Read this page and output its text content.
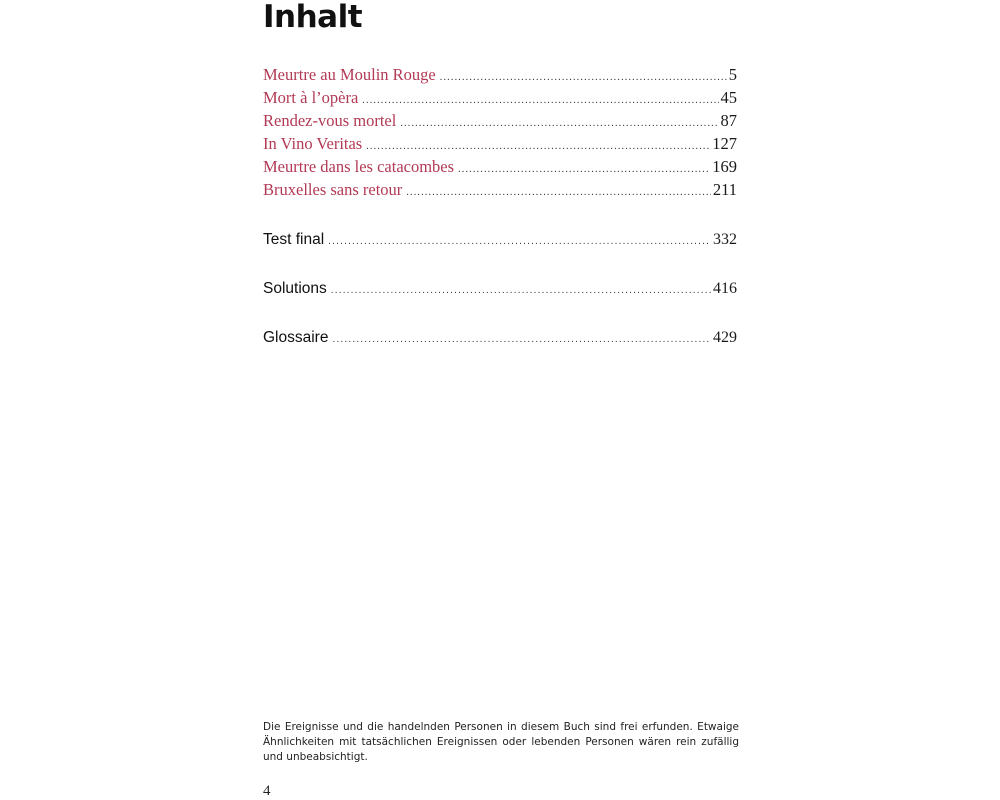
Inhalt
Meurtre au Moulin Rouge .....	5
Mort à l’opèra .....	45
Rendez-vous mortel .....	87
In Vino Veritas .....	127
Meurtre dans les catacombes .....	169
Bruxelles sans retour .....	211
Test final .....	332
Solutions .....	416
Glossaire .....	429
Die Ereignisse und die handelnden Personen in diesem Buch sind frei erfunden. Etwaige Ähnlichkeiten mit tatsächlichen Ereignissen oder lebenden Personen wären rein zufällig und unbeabsichtigt.
4
